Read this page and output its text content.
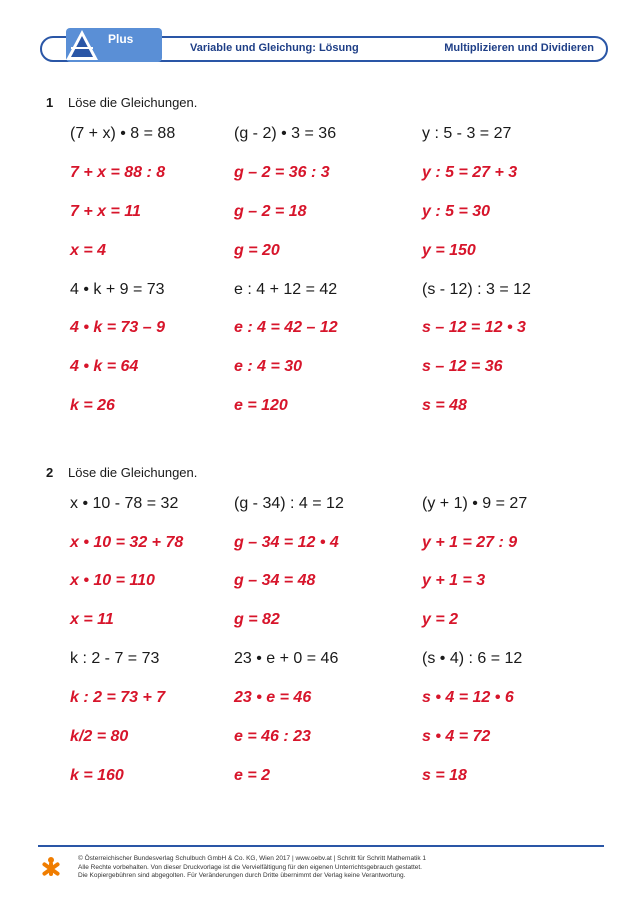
Plus
Variable und Gleichung: Lösung	Multiplizieren und Dividieren
1 Löse die Gleichungen.
(7 + x) • 8 = 88	(g - 2) • 3 = 36	y : 5 - 3 = 27
7 + x = 88 : 8	g – 2 = 36 : 3	y : 5 = 27 + 3
7 + x = 11	g – 2 = 18	y : 5 = 30
x = 4	g = 20	y = 150
4 • k + 9 = 73	e : 4 + 12 = 42	(s - 12) : 3 = 12
4 • k = 73 – 9	e : 4 = 42 – 12	s – 12 = 12 • 3
4 • k = 64	e : 4 = 30	s – 12 = 36
k = 26	e = 120	s = 48
2 Löse die Gleichungen.
x • 10 - 78 = 32	(g - 34) : 4 = 12	(y + 1) • 9 = 27
x • 10 = 32 + 78	g – 34 = 12 • 4	y + 1 = 27 : 9
x • 10 = 110	g – 34 = 48	y + 1 = 3
x = 11	g = 82	y = 2
k : 2 - 7 = 73	23 • e + 0 = 46	(s • 4) : 6 = 12
k : 2 = 73 + 7	23 • e = 46	s • 4 = 12 • 6
k/2 = 80	e = 46 : 23	s • 4 = 72
k = 160	e = 2	s = 18
© Österreichischer Bundesverlag Schulbuch GmbH & Co. KG, Wien 2017 | www.oebv.at | Schritt für Schritt Mathematik 1
Alle Rechte vorbehalten. Von dieser Druckvorlage ist die Vervielfältigung für den eigenen Unterrichtsgebrauch gestattet.
Die Kopiergebühren sind abgegolten. Für Veränderungen durch Dritte übernimmt der Verlag keine Verantwortung.
